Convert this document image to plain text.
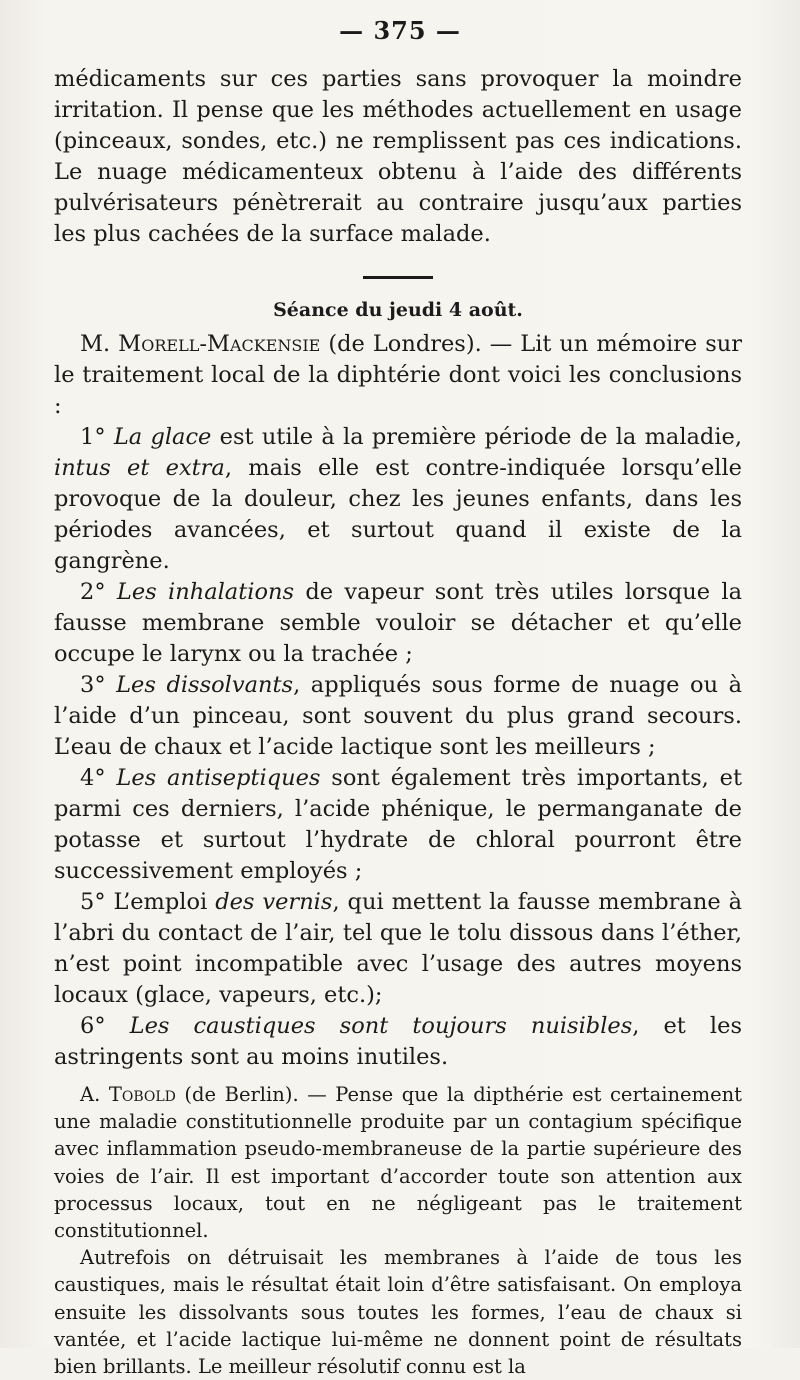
— 375 —

médicaments sur ces parties sans provoquer la moindre irritation. Il pense que les méthodes actuellement en usage (pinceaux, sondes, etc.) ne remplissent pas ces indications. Le nuage médicamenteux obtenu à l’aide des différents pulvérisateurs pénètrerait au contraire jusqu’aux parties les plus cachées de la surface malade.

Séance du jeudi 4 août.

M. Morell-Mackensie (de Londres). — Lit un mémoire sur le traitement local de la diphtérie dont voici les conclusions :

1° La glace est utile à la première période de la maladie, intus et extra, mais elle est contre-indiquée lorsqu’elle provoque de la douleur, chez les jeunes enfants, dans les périodes avancées, et surtout quand il existe de la gangrène.

2° Les inhalations de vapeur sont très utiles lorsque la fausse membrane semble vouloir se détacher et qu’elle occupe le larynx ou la trachée ;

3° Les dissolvants, appliqués sous forme de nuage ou à l’aide d’un pinceau, sont souvent du plus grand secours. L’eau de chaux et l’acide lactique sont les meilleurs ;

4° Les antiseptiques sont également très importants, et parmi ces derniers, l’acide phénique, le permanganate de potasse et surtout l’hydrate de chloral pourront être successivement employés ;

5° L’emploi des vernis, qui mettent la fausse membrane à l’abri du contact de l’air, tel que le tolu dissous dans l’éther, n’est point incompatible avec l’usage des autres moyens locaux (glace, vapeurs, etc.);

6° Les caustiques sont toujours nuisibles, et les astringents sont au moins inutiles.

A. Tobold (de Berlin). — Pense que la dipthérie est certainement une maladie constitutionnelle produite par un contagium spécifique avec inflammation pseudo-membraneuse de la partie supérieure des voies de l’air. Il est important d’accorder toute son attention aux processus locaux, tout en ne négligeant pas le traitement constitutionnel.

Autrefois on détruisait les membranes à l’aide de tous les caustiques, mais le résultat était loin d’être satisfaisant. On employa ensuite les dissolvants sous toutes les formes, l’eau de chaux si vantée, et l’acide lactique lui-même ne donnent point de résultats bien brillants. Le meilleur résolutif connu est la
